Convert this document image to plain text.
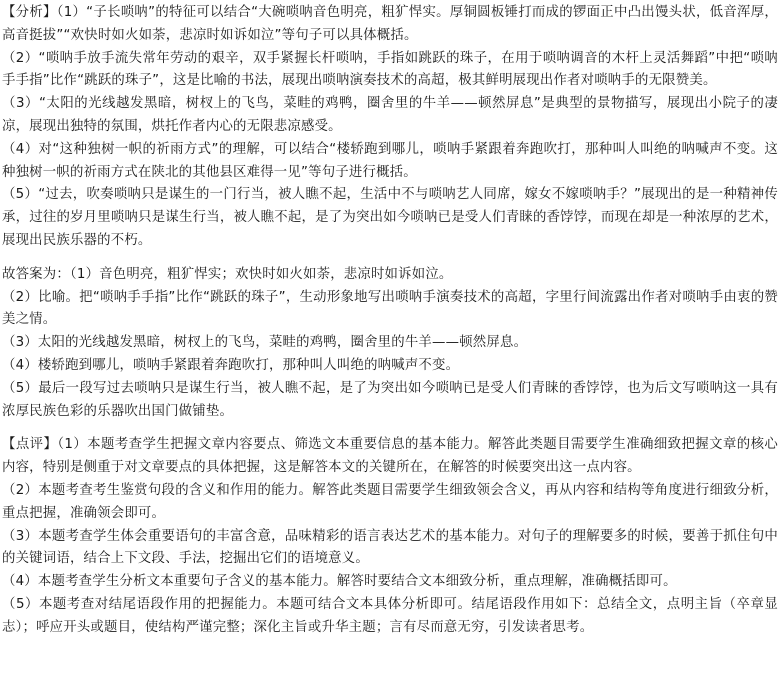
【分析】（1）“子长唢呐”的特征可以结合“大碗唢呐音色明亮，粗犷悍实。厚铜圆板锤打而成的锣面正中凸出馒头状，低音浑厚，高音挺拔”“欢快时如火如荼，悲凉时如诉如泣”等句子可以具体概括。

（2）“唢呐手放手流失常年劳动的艰辛，双手紧握长杆唢呐，手指如跳跃的珠子，在用于唢呐调音的木杆上灵活舞蹈”中把“唢呐手手指”比作“跳跃的珠子”，这是比喻的书法，展现出唢呐演奏技术的高超，极其鲜明展现出作者对唢呐手的无限赞美。

（3）“太阳的光线越发黑暗，树杈上的飞鸟，菜畦的鸡鸭，圈舍里的牛羊——顿然屏息”是典型的景物描写，展现出小院子的凄凉，展现出独特的氛围，烘托作者内心的无限悲凉感受。

（4）对“这种独树一帜的祈雨方式”的理解，可以结合“楼轿跑到哪儿，唢呐手紧跟着奔跑吹打，那种叫人叫绝的呐喊声不变。这种独树一帜的祈雨方式在陕北的其他县区难得一见”等句子进行概括。

（5）“过去，吹奏唢呐只是谋生的一门行当，被人瞧不起，生活中不与唢呐艺人同席，嫁女不嫁唢呐手？”展现出的是一种精神传承，过往的岁月里唢呐只是谋生行当，被人瞧不起，是了为突出如今唢呐已是受人们青睐的香饽饽，而现在却是一种浓厚的艺术，展现出民族乐器的不朽。

故答案为：（1）音色明亮，粗犷悍实；欢快时如火如荼，悲凉时如诉如泣。

（2）比喻。把“唢呐手手指”比作“跳跃的珠子”，生动形象地写出唢呐手演奏技术的高超，字里行间流露出作者对唢呐手由衷的赞美之情。

（3）太阳的光线越发黑暗，树杈上的飞鸟，菜畦的鸡鸭，圈舍里的牛羊——顿然屏息。

（4）楼轿跑到哪儿，唢呐手紧跟着奔跑吹打，那种叫人叫绝的呐喊声不变。

（5）最后一段写过去唢呐只是谋生行当，被人瞧不起，是了为突出如今唢呐已是受人们青睐的香饽饽，也为后文写唢呐这一具有浓厚民族色彩的乐器吹出国门做铺垫。

【点评】（1）本题考查学生把握文章内容要点、筛选文本重要信息的基本能力。解答此类题目需要学生准确细致把握文章的核心内容，特别是侧重于对文章要点的具体把握，这是解答本文的关键所在，在解答的时候要突出这一点内容。

（2）本题考查考生鉴赏句段的含义和作用的能力。解答此类题目需要学生细致领会含义，再从内容和结构等角度进行细致分析，重点把握，准确领会即可。

（3）本题考查学生体会重要语句的丰富含意，品味精彩的语言表达艺术的基本能力。对句子的理解要多的时候，要善于抓住句中的关键词语，结合上下文段、手法，挖掘出它们的语境意义。

（4）本题考查学生分析文本重要句子含义的基本能力。解答时要结合文本细致分析，重点理解，准确概括即可。

（5）本题考查对结尾语段作用的把握能力。本题可结合文本具体分析即可。结尾语段作用如下：总结全文，点明主旨（卒章显志）；呼应开头或题目，使结构严谨完整；深化主旨或升华主题；言有尽而意无穷，引发读者思考。
